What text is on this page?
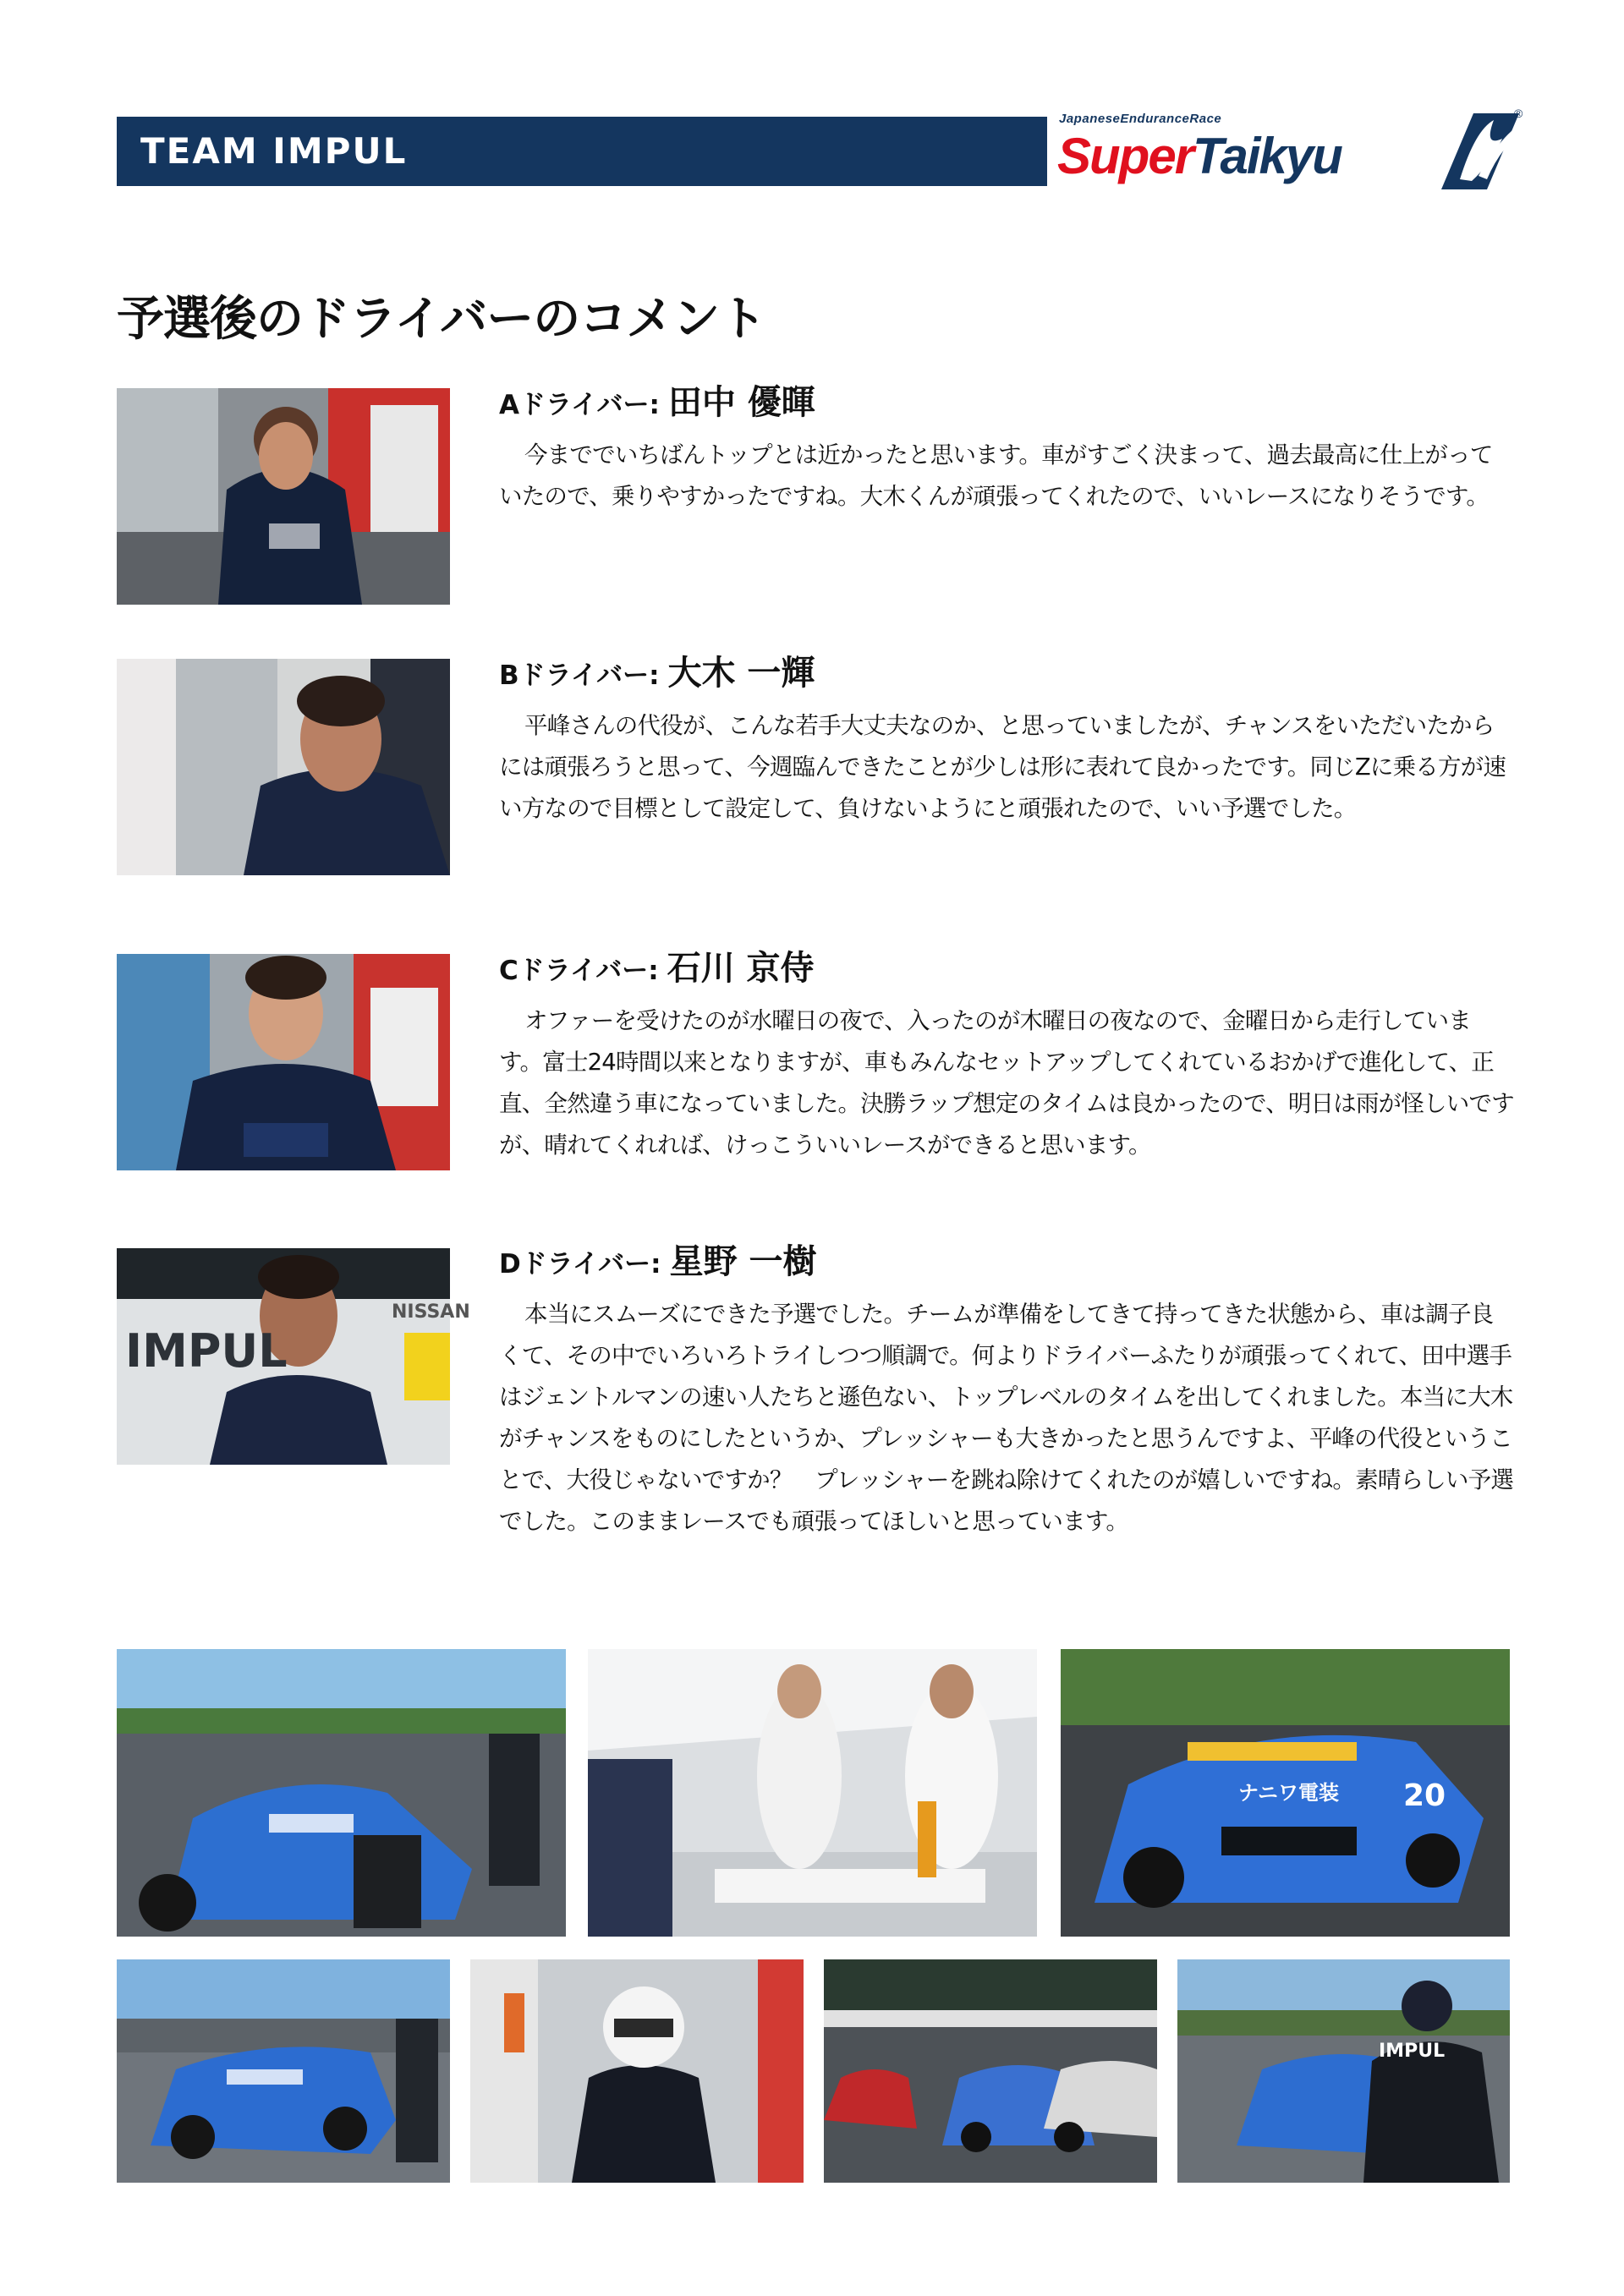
TEAM IMPUL
JapaneseEnduranceRace
SuperTaikyu
®
予選後のドライバーのコメント
Aドライバー: 田中 優暉
今まででいちばんトップとは近かったと思います。車がすごく決まって、過去最高に仕上がっていたので、乗りやすかったですね。大木くんが頑張ってくれたので、いいレースになりそうです。
Bドライバー: 大木 一輝
平峰さんの代役が、こんな若手大丈夫なのか、と思っていましたが、チャンスをいただいたからには頑張ろうと思って、今週臨んできたことが少しは形に表れて良かったです。同じZに乗る方が速い方なので目標として設定して、負けないようにと頑張れたので、いい予選でした。
Cドライバー: 石川 京侍
オファーを受けたのが水曜日の夜で、入ったのが木曜日の夜なので、金曜日から走行しています。富士24時間以来となりますが、車もみんなセットアップしてくれているおかげで進化して、正直、全然違う車になっていました。決勝ラップ想定のタイムは良かったので、明日は雨が怪しいですが、晴れてくれれば、けっこういいレースができると思います。
IMPUL
NISSAN
Dドライバー: 星野 一樹
本当にスムーズにできた予選でした。チームが準備をしてきて持ってきた状態から、車は調子良くて、その中でいろいろトライしつつ順調で。何よりドライバーふたりが頑張ってくれて、田中選手はジェントルマンの速い人たちと遜色ない、トップレベルのタイムを出してくれました。本当に大木がチャンスをものにしたというか、プレッシャーも大きかったと思うんですよ、平峰の代役ということで、大役じゃないですか？　プレッシャーを跳ね除けてくれたのが嬉しいですね。素晴らしい予選でした。このままレースでも頑張ってほしいと思っています。
20
ナニワ電装
IMPUL
